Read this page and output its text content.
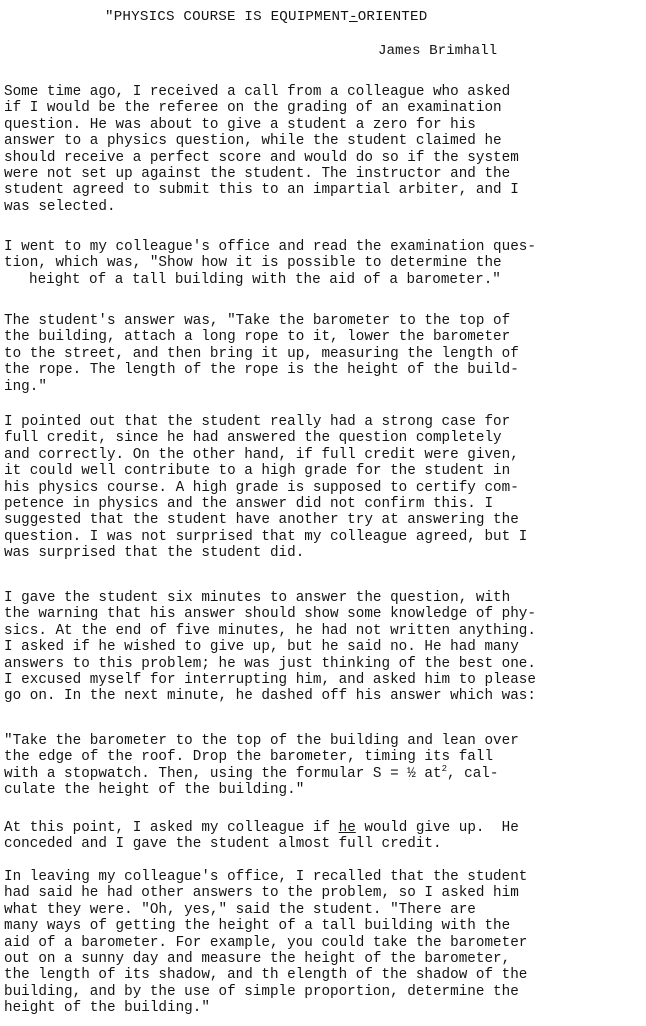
"PHYSICS COURSE IS EQUIPMENT-ORIENTED
James Brimhall
Some time ago, I received a call from a colleague who asked
if I would be the referee on the grading of an examination
question. He was about to give a student a zero for his
answer to a physics question, while the student claimed he
should receive a perfect score and would do so if the system
were not set up against the student. The instructor and the
student agreed to submit this to an impartial arbiter, and I
was selected.
I went to my colleague's office and read the examination ques-
tion, which was, "Show how it is possible to determine the
height of a tall building with the aid of a barometer."
The student's answer was, "Take the barometer to the top of
the building, attach a long rope to it, lower the barometer
to the street, and then bring it up, measuring the length of
the rope. The length of the rope is the height of the build-
ing."
I pointed out that the student really had a strong case for
full credit, since he had answered the question completely
and correctly. On the other hand, if full credit were given,
it could well contribute to a high grade for the student in
his physics course. A high grade is supposed to certify com-
petence in physics and the answer did not confirm this. I
suggested that the student have another try at answering the
question. I was not surprised that my colleague agreed, but I
was surprised that the student did.
I gave the student six minutes to answer the question, with
the warning that his answer should show some knowledge of phy-
sics. At the end of five minutes, he had not written anything.
I asked if he wished to give up, but he said no. He had many
answers to this problem; he was just thinking of the best one.
I excused myself for interrupting him, and asked him to please
go on. In the next minute, he dashed off his answer which was:
"Take the barometer to the top of the building and lean over
the edge of the roof. Drop the barometer, timing its fall
with a stopwatch. Then, using the formular S = ½ $at^2$, cal-
culate the height of the building."
At this point, I asked my colleague if he would give up.  He
conceded and I gave the student almost full credit.
In leaving my colleague's office, I recalled that the student
had said he had other answers to the problem, so I asked him
what they were. "Oh, yes," said the student. "There are
many ways of getting the height of a tall building with the
aid of a barometer. For example, you could take the barometer
out on a sunny day and measure the height of the barometer,
the length of its shadow, and th elength of the shadow of the
building, and by the use of simple proportion, determine the
height of the building."
